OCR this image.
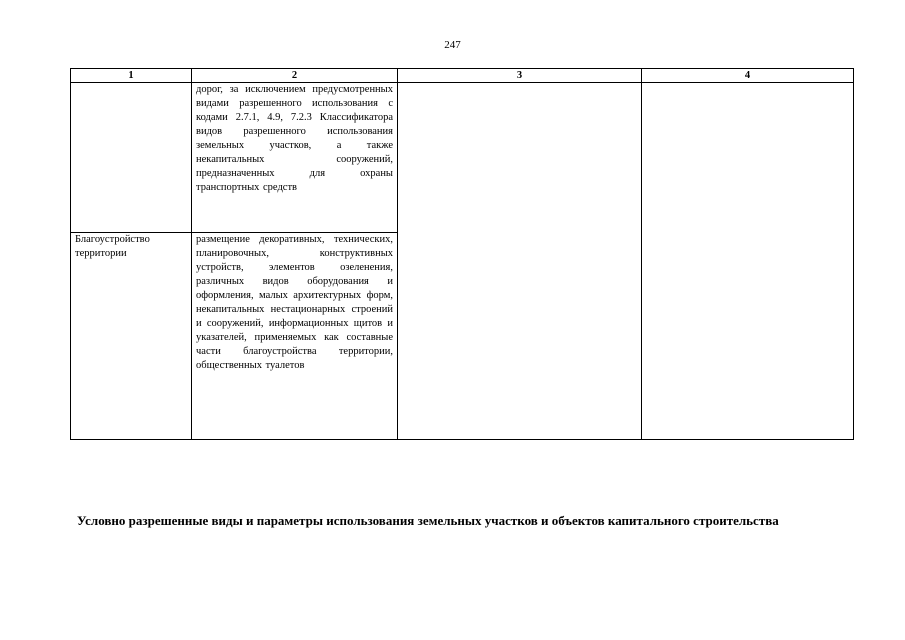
247
1	2	3	4

	дорог, за исключением предусмотренных видами разрешенного использования с кодами 2.7.1, 4.9, 7.2.3 Классификатора видов разрешенного использования земельных участков, а также некапитальных сооружений, предназначенных для охраны транспортных средств		

Благоустройство территории	размещение декоративных, технических, планировочных, конструктивных устройств, элементов озеленения, различных видов оборудования и оформления, малых архитектурных форм, некапитальных нестационарных строений и сооружений, информационных щитов и указателей, применяемых как составные части благоустройства территории, общественных туалетов		
Условно разрешенные виды и параметры использования земельных участков и объектов капитального строительства
